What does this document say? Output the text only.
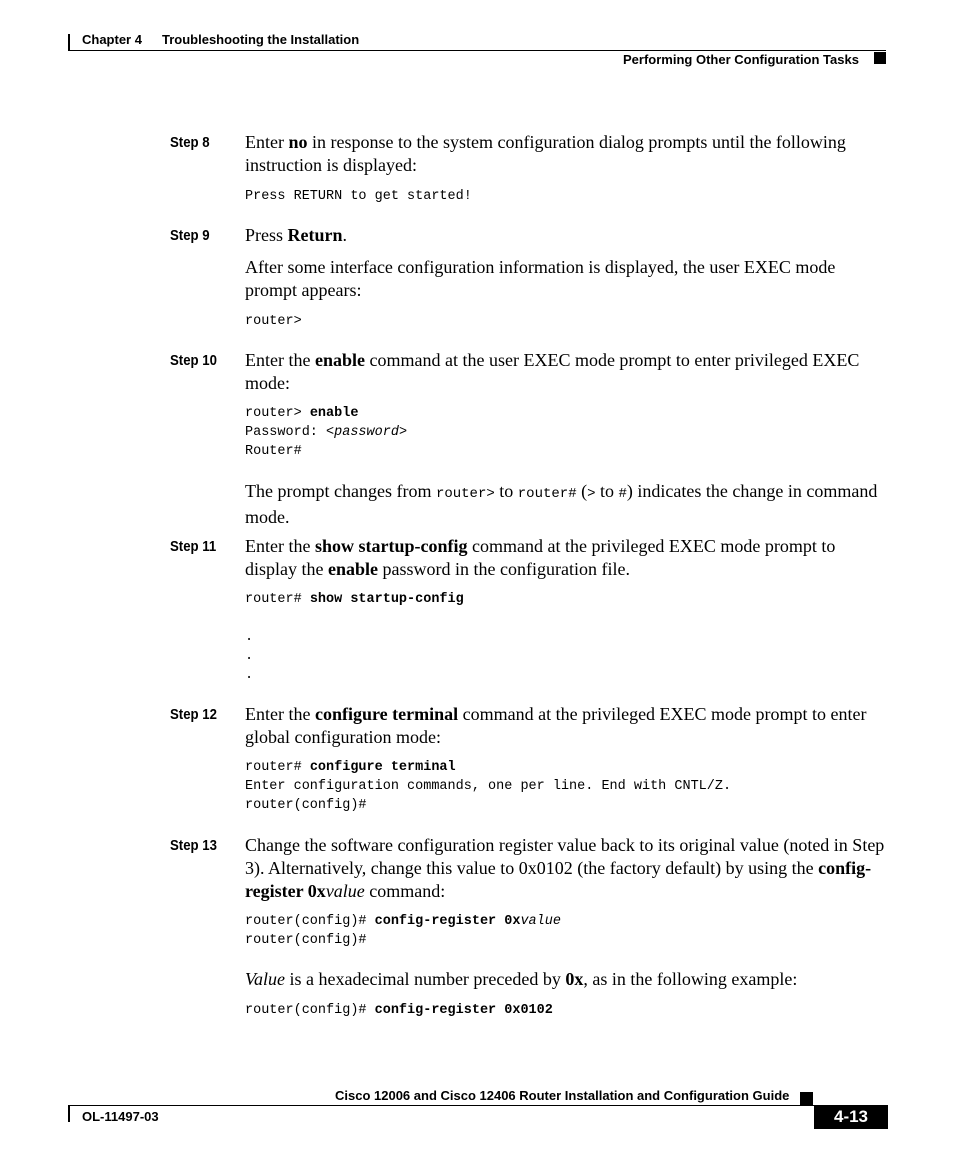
Chapter 4 Troubleshooting the Installation
Performing Other Configuration Tasks
Step 8 Enter no in response to the system configuration dialog prompts until the following instruction is displayed:
Press RETURN to get started!
Step 9 Press Return.
After some interface configuration information is displayed, the user EXEC mode prompt appears:
router>
Step 10 Enter the enable command at the user EXEC mode prompt to enter privileged EXEC mode:
router> enable
Password: <password>
Router#
The prompt changes from router> to router# (> to #) indicates the change in command mode.
Step 11 Enter the show startup-config command at the privileged EXEC mode prompt to display the enable password in the configuration file.
router# show startup-config

.
.
.
Step 12 Enter the configure terminal command at the privileged EXEC mode prompt to enter global configuration mode:
router# configure terminal
Enter configuration commands, one per line. End with CNTL/Z.
router(config)#
Step 13 Change the software configuration register value back to its original value (noted in Step 3). Alternatively, change this value to 0x0102 (the factory default) by using the config-register 0xvalue command:
router(config)# config-register 0xvalue
router(config)#
Value is a hexadecimal number preceded by 0x, as in the following example:
router(config)# config-register 0x0102
Cisco 12006 and Cisco 12406 Router Installation and Configuration Guide
OL-11497-03	4-13
